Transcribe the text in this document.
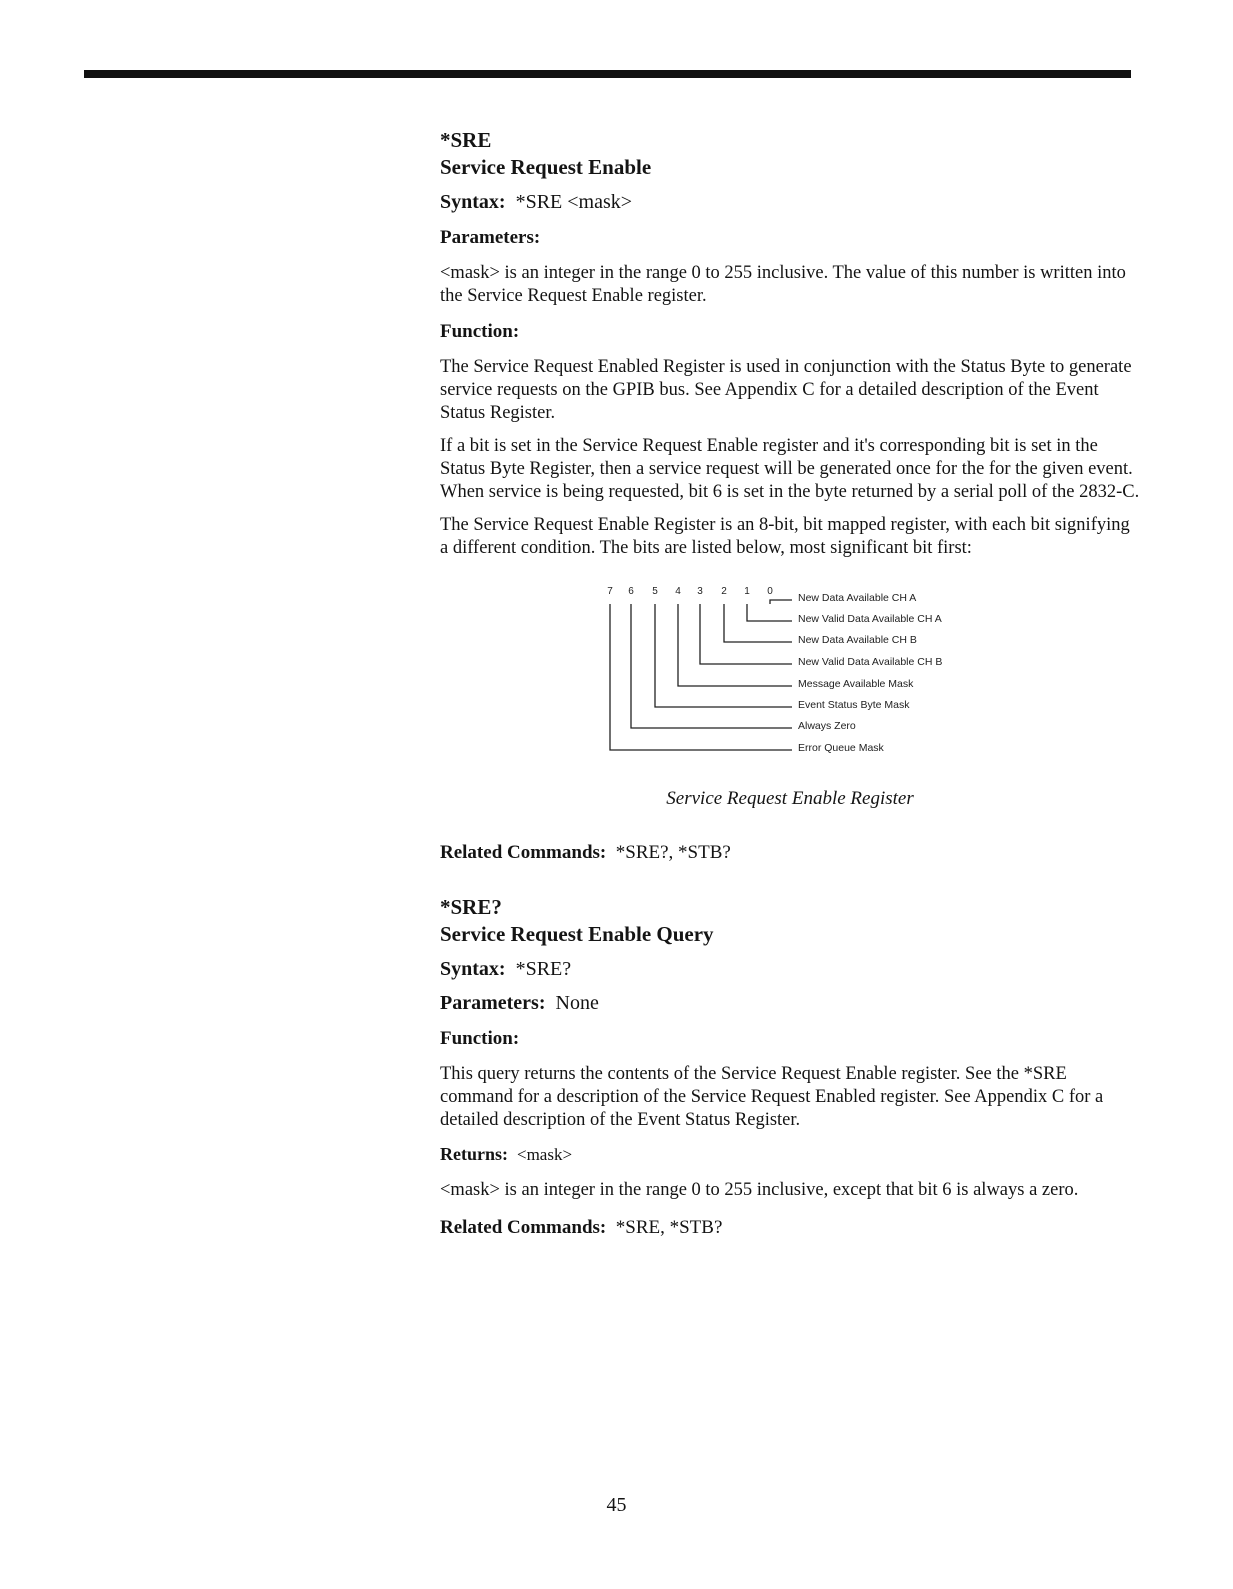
*SRE

Service Request Enable

Syntax: *SRE <mask>

Parameters:

<mask> is an integer in the range 0 to 255 inclusive. The value of this number is written into the Service Request Enable register.

Function:

The Service Request Enabled Register is used in conjunction with the Status Byte to generate service requests on the GPIB bus. See Appendix C for a detailed description of the Event Status Register.

If a bit is set in the Service Request Enable register and it's corresponding bit is set in the Status Byte Register, then a service request will be generated once for the for the given event. When service is being requested, bit 6 is set in the byte returned by a serial poll of the 2832-C.

The Service Request Enable Register is an 8-bit, bit mapped register, with each bit signifying a different condition. The bits are listed below, most significant bit first:

7 6 5 4 3 2 1 0
New Data Available CH A
New Valid Data Available CH A
New Data Available CH B
New Valid Data Available CH B
Message Available Mask
Event Status Byte Mask
Always Zero
Error Queue Mask

Service Request Enable Register

Related Commands: *SRE?, *STB?

*SRE?

Service Request Enable Query

Syntax: *SRE?

Parameters: None

Function:

This query returns the contents of the Service Request Enable register. See the *SRE command for a description of the Service Request Enabled register. See Appendix C for a detailed description of the Event Status Register.

Returns: <mask>

<mask> is an integer in the range 0 to 255 inclusive, except that bit 6 is always a zero.

Related Commands: *SRE, *STB?

45
